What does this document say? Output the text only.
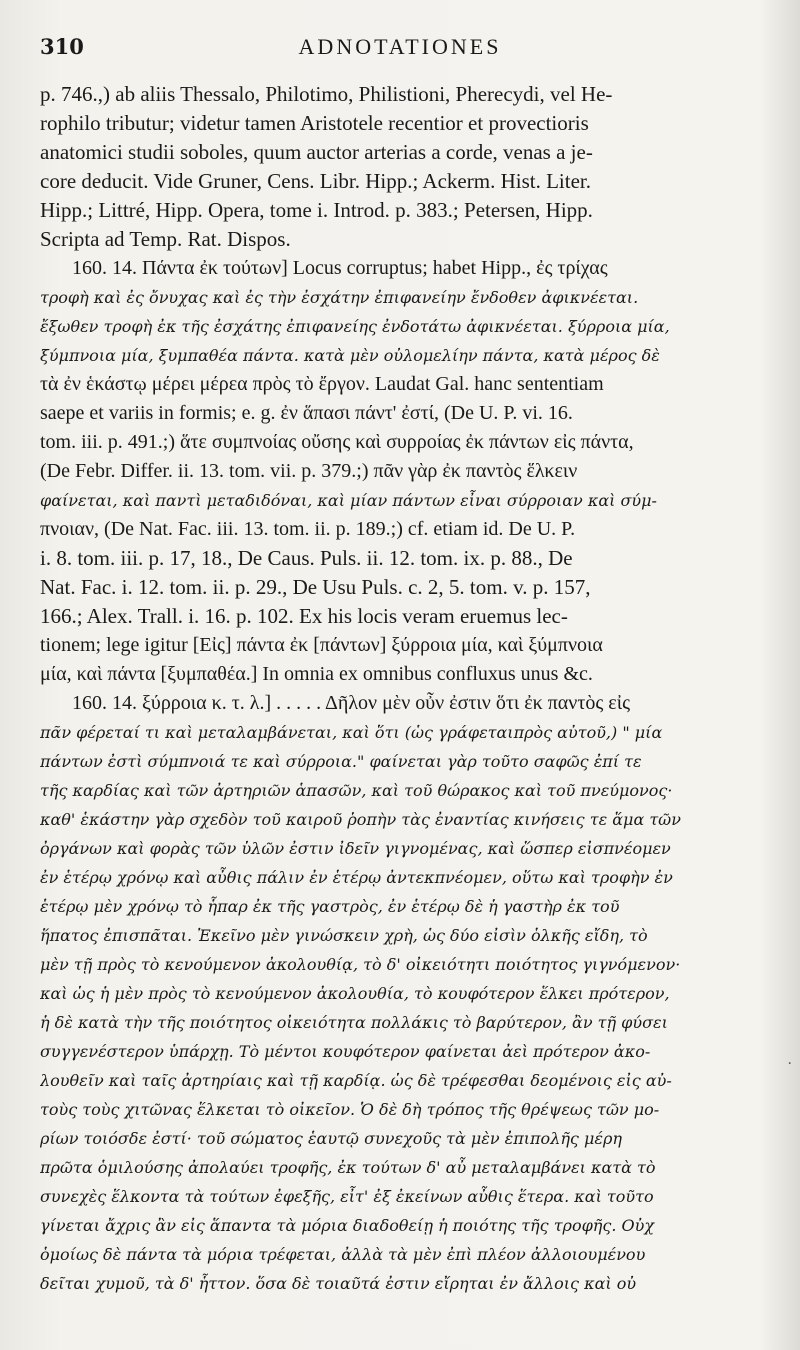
310	ADNOTATIONES
p. 746.,) ab aliis Thessalo, Philotimo, Philistioni, Pherecydi, vel He-
rophilo tributur; videtur tamen Aristotele recentior et provectioris
anatomici studii soboles, quum auctor arterias a corde, venas a je-
core deducit. Vide Gruner, Cens. Libr. Hipp.; Ackerm. Hist. Liter.
Hipp.; Littré, Hipp. Opera, tome i. Introd. p. 383.; Petersen, Hipp.
Scripta ad Temp. Rat. Dispos.
160. 14. Πάντα ἐκ τούτων] Locus corruptus; habet Hipp., ἐς τρίχας
τροφὴ καὶ ἐς ὄνυχας καὶ ἐς τὴν ἐσχάτην ἐπιφανείην ἔνδοθεν ἀφικνέεται.
ἔξωθεν τροφὴ ἐκ τῆς ἐσχάτης ἐπιφανείης ἐνδοτάτω ἀφικνέεται. ξύρροια μία,
ξύμπνοια μία, ξυμπαθέα πάντα. κατὰ μὲν οὐλομελίην πάντα, κατὰ μέρος δὲ
τὰ ἐν ἑκάστῳ μέρει μέρεα πρὸς τὸ ἔργον. Laudat Gal. hanc sententiam
saepe et variis in formis; e. g. ἐν ἅπασι πάντ' ἐστί, (De U. P. vi. 16.
tom. iii. p. 491.;) ἅτε συμπνοίας οὔσης καὶ συρροίας ἐκ πάντων εἰς πάντα,
(De Febr. Differ. ii. 13. tom. vii. p. 379.;) πᾶν γὰρ ἐκ παντὸς ἕλκειν
φαίνεται, καὶ παντὶ μεταδιδόναι, καὶ μίαν πάντων εἶναι σύρροιαν καὶ σύμ-
πνοιαν, (De Nat. Fac. iii. 13. tom. ii. p. 189.;) cf. etiam id. De U. P.
i. 8. tom. iii. p. 17, 18., De Caus. Puls. ii. 12. tom. ix. p. 88., De
Nat. Fac. i. 12. tom. ii. p. 29., De Usu Puls. c. 2, 5. tom. v. p. 157,
166.; Alex. Trall. i. 16. p. 102. Ex his locis veram eruemus lec-
tionem; lege igitur [Εἰς] πάντα ἐκ [πάντων] ξύρροια μία, καὶ ξύμπνοια
μία, καὶ πάντα [ξυμπαθέα.] In omnia ex omnibus confluxus unus &c.
160. 14. ξύρροια κ. τ. λ.] . . . . . Δῆλον μὲν οὖν ἐστιν ὅτι ἐκ παντὸς εἰς
πᾶν φέρεταί τι καὶ μεταλαμβάνεται, καὶ ὅτι (ὡς γράφεταιπρὸς αὐτοῦ,) " μία
πάντων ἐστὶ σύμπνοιά τε καὶ σύρροια." φαίνεται γὰρ τοῦτο σαφῶς ἐπί τε
τῆς καρδίας καὶ τῶν ἀρτηριῶν ἁπασῶν, καὶ τοῦ θώρακος καὶ τοῦ πνεύμονος·
καθ' ἑκάστην γὰρ σχεδὸν τοῦ καιροῦ ῥοπὴν τὰς ἐναντίας κινήσεις τε ἅμα τῶν
ὀργάνων καὶ φορὰς τῶν ὑλῶν ἐστιν ἰδεῖν γιγνομένας, καὶ ὥσπερ εἰσπνέομεν
ἐν ἑτέρῳ χρόνῳ καὶ αὖθις πάλιν ἐν ἑτέρῳ ἀντεκπνέομεν, οὕτω καὶ τροφὴν ἐν
ἑτέρῳ μὲν χρόνῳ τὸ ἧπαρ ἐκ τῆς γαστρὸς, ἐν ἑτέρῳ δὲ ἡ γαστὴρ ἐκ τοῦ
ἥπατος ἐπισπᾶται. Ἐκεῖνο μὲν γινώσκειν χρὴ, ὡς δύο εἰσὶν ὁλκῆς εἴδη, τὸ
μὲν τῇ πρὸς τὸ κενούμενον ἀκολουθίᾳ, τὸ δ' οἰκειότητι ποιότητος γιγνόμενον·
καὶ ὡς ἡ μὲν πρὸς τὸ κενούμενον ἀκολουθία, τὸ κουφότερον ἕλκει πρότερον,
ἡ δὲ κατὰ τὴν τῆς ποιότητος οἰκειότητα πολλάκις τὸ βαρύτερον, ἂν τῇ φύσει
συγγενέστερον ὑπάρχῃ. Τὸ μέντοι κουφότερον φαίνεται ἀεὶ πρότερον ἀκο-
λουθεῖν καὶ ταῖς ἀρτηρίαις καὶ τῇ καρδίᾳ. ὡς δὲ τρέφεσθαι δεομένοις εἰς αὐ-
τοὺς τοὺς χιτῶνας ἕλκεται τὸ οἰκεῖον. Ὁ δὲ δὴ τρόπος τῆς θρέψεως τῶν μο-
ρίων τοιόσδε ἐστί· τοῦ σώματος ἑαυτῷ συνεχοῦς τὰ μὲν ἐπιπολῆς μέρη
πρῶτα ὁμιλούσης ἀπολαύει τροφῆς, ἐκ τούτων δ' αὖ μεταλαμβάνει κατὰ τὸ
συνεχὲς ἕλκοντα τὰ τούτων ἐφεξῆς, εἶτ' ἐξ ἐκείνων αὖθις ἕτερα. καὶ τοῦτο
γίνεται ἄχρις ἂν εἰς ἅπαντα τὰ μόρια διαδοθείῃ ἡ ποιότης τῆς τροφῆς. Οὐχ
ὁμοίως δὲ πάντα τὰ μόρια τρέφεται, ἀλλὰ τὰ μὲν ἐπὶ πλέον ἀλλοιουμένου
δεῖται χυμοῦ, τὰ δ' ἧττον. ὅσα δὲ τοιαῦτά ἐστιν εἴρηται ἐν ἄλλοις καὶ οὐ
.
